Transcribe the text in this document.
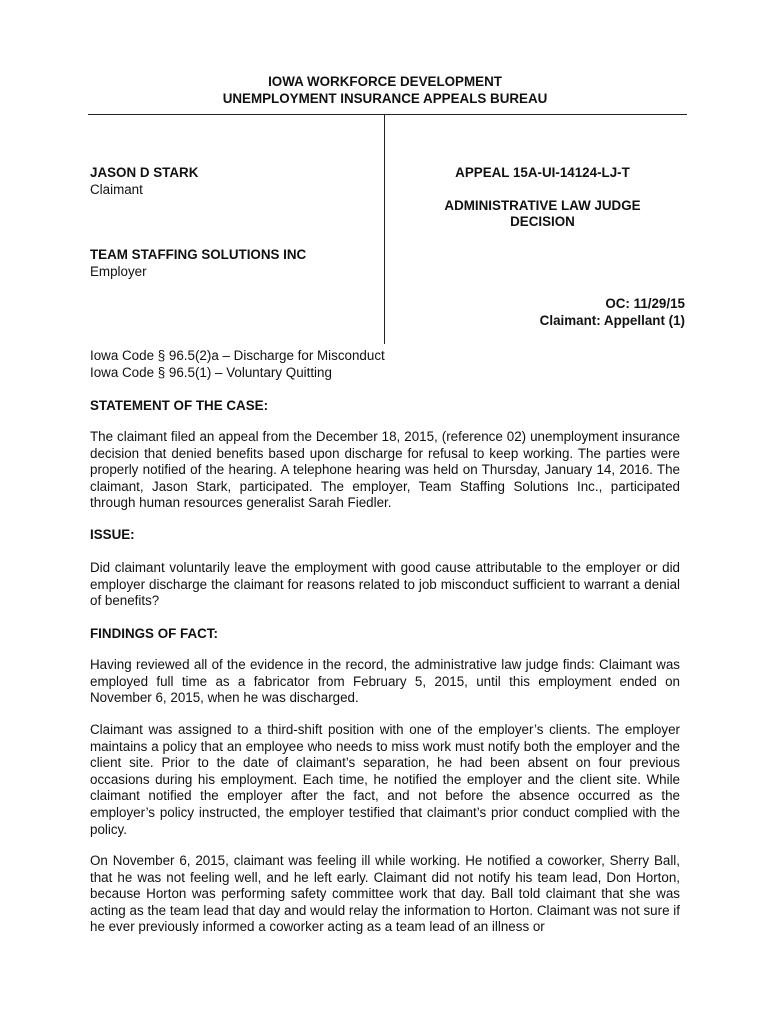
IOWA WORKFORCE DEVELOPMENT
UNEMPLOYMENT INSURANCE APPEALS BUREAU
JASON D STARK
Claimant
TEAM STAFFING SOLUTIONS INC
Employer
APPEAL 15A-UI-14124-LJ-T
ADMINISTRATIVE LAW JUDGE
DECISION
OC: 11/29/15
Claimant: Appellant (1)
Iowa Code § 96.5(2)a – Discharge for Misconduct
Iowa Code § 96.5(1) – Voluntary Quitting
STATEMENT OF THE CASE:
The claimant filed an appeal from the December 18, 2015, (reference 02) unemployment insurance decision that denied benefits based upon discharge for refusal to keep working. The parties were properly notified of the hearing. A telephone hearing was held on Thursday, January 14, 2016. The claimant, Jason Stark, participated. The employer, Team Staffing Solutions Inc., participated through human resources generalist Sarah Fiedler.
ISSUE:
Did claimant voluntarily leave the employment with good cause attributable to the employer or did employer discharge the claimant for reasons related to job misconduct sufficient to warrant a denial of benefits?
FINDINGS OF FACT:
Having reviewed all of the evidence in the record, the administrative law judge finds: Claimant was employed full time as a fabricator from February 5, 2015, until this employment ended on November 6, 2015, when he was discharged.
Claimant was assigned to a third-shift position with one of the employer’s clients. The employer maintains a policy that an employee who needs to miss work must notify both the employer and the client site. Prior to the date of claimant’s separation, he had been absent on four previous occasions during his employment. Each time, he notified the employer and the client site. While claimant notified the employer after the fact, and not before the absence occurred as the employer’s policy instructed, the employer testified that claimant’s prior conduct complied with the policy.
On November 6, 2015, claimant was feeling ill while working. He notified a coworker, Sherry Ball, that he was not feeling well, and he left early. Claimant did not notify his team lead, Don Horton, because Horton was performing safety committee work that day. Ball told claimant that she was acting as the team lead that day and would relay the information to Horton. Claimant was not sure if he ever previously informed a coworker acting as a team lead of an illness or
